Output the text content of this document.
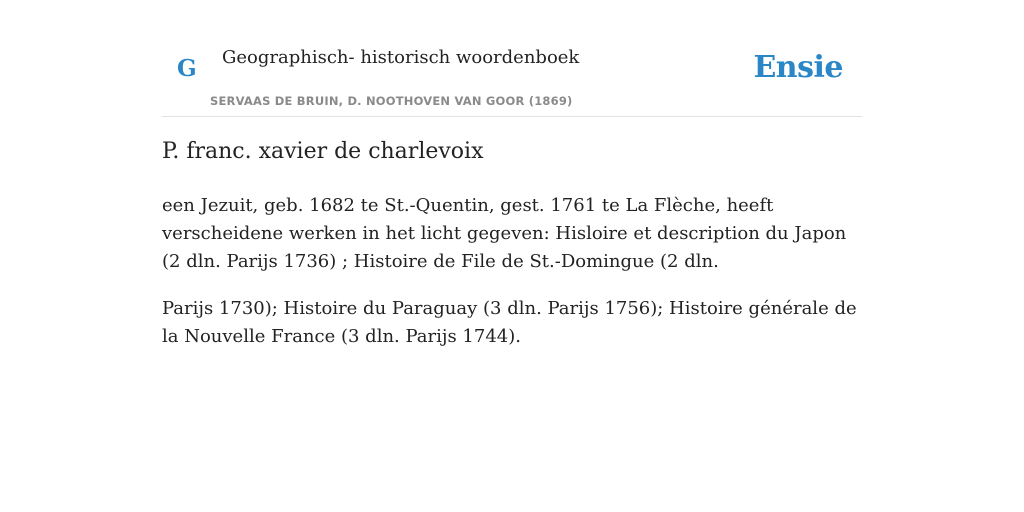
G Geographisch- historisch woordenboek
SERVAAS DE BRUIN, D. NOOTHOVEN VAN GOOR (1869)
Ensie
P. franc. xavier de charlevoix

een Jezuit, geb. 1682 te St.-Quentin, gest. 1761 te La Flèche, heeft verscheidene werken in het licht gegeven: Hisloire et description du Japon (2 dln. Parijs 1736) ; Histoire de File de St.-Domingue (2 dln.

Parijs 1730); Histoire du Paraguay (3 dln. Parijs 1756); Histoire générale de la Nouvelle France (3 dln. Parijs 1744).
